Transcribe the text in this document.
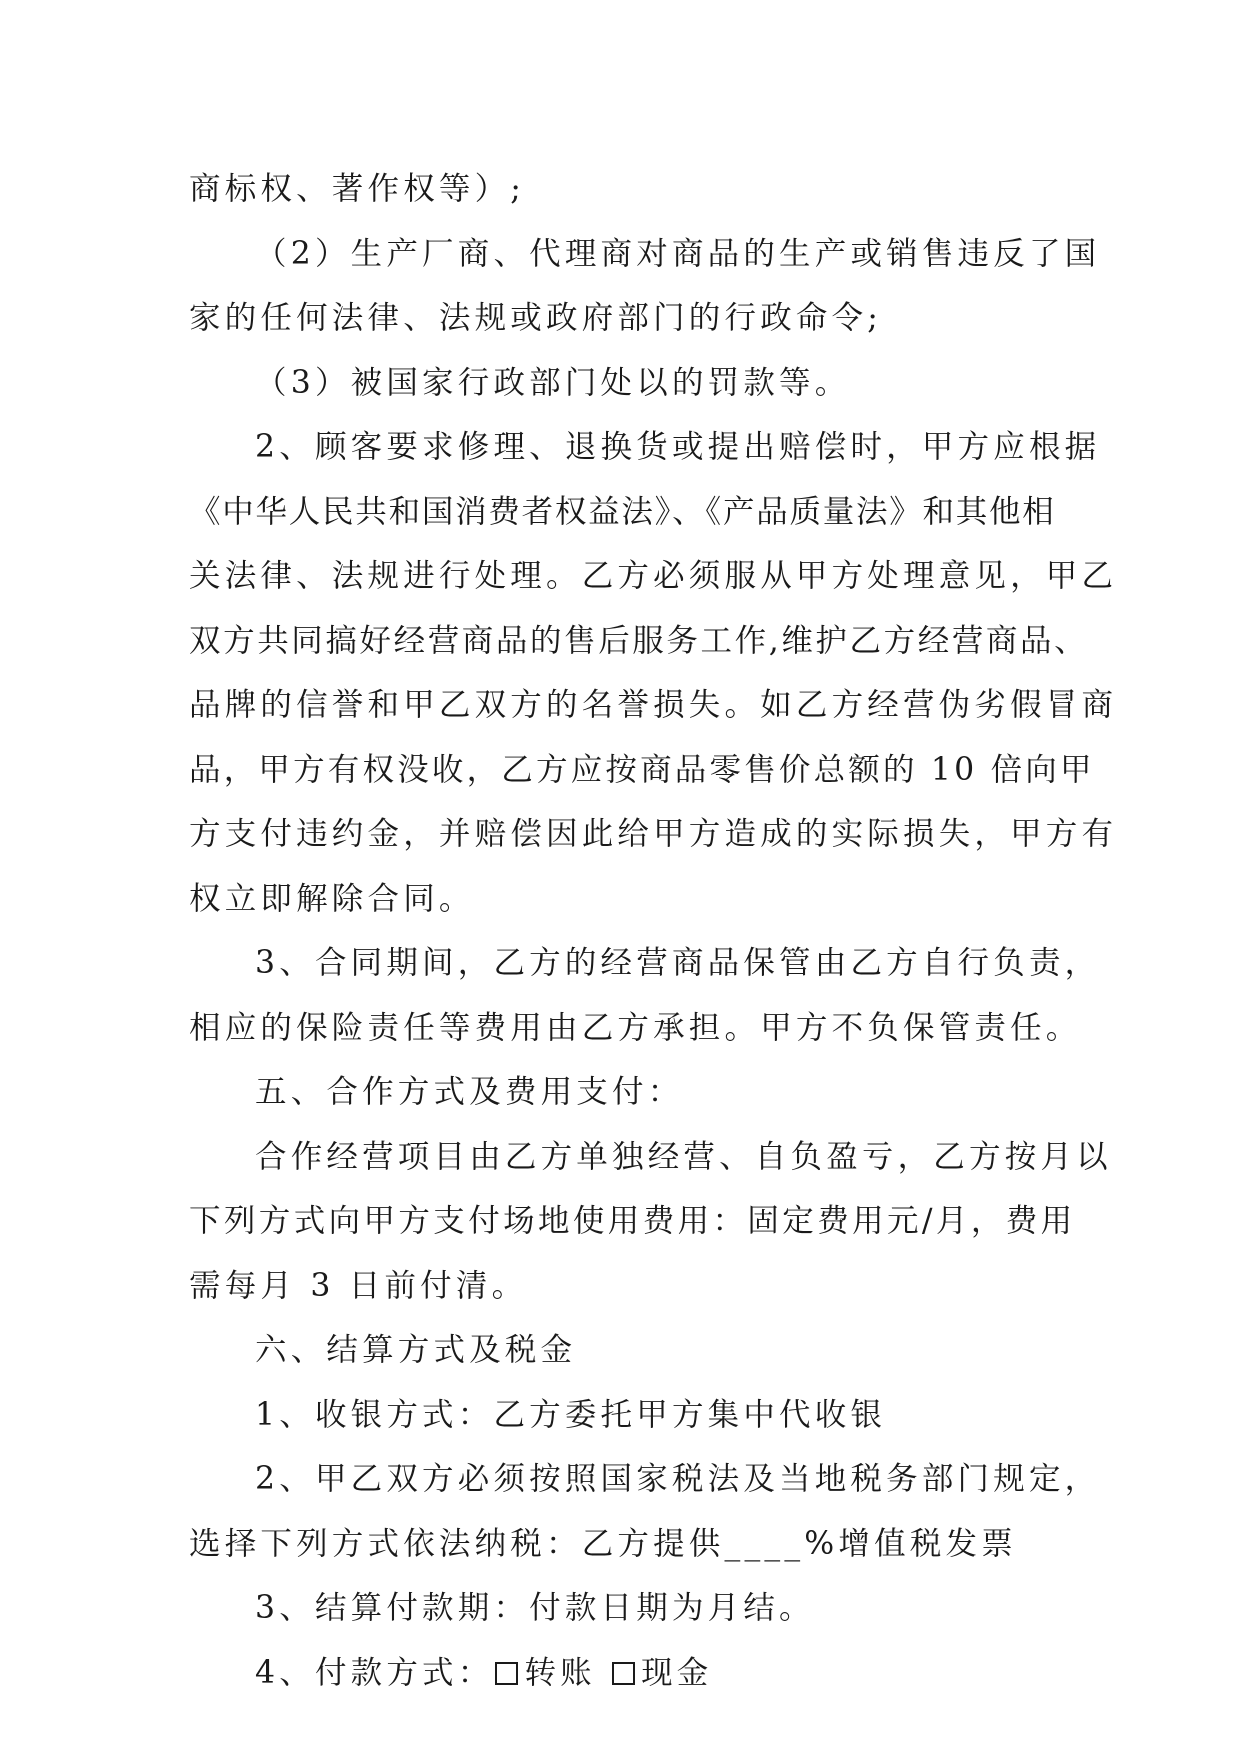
商标权、著作权等）;
（2）生产厂商、代理商对商品的生产或销售违反了国
家的任何法律、法规或政府部门的行政命令;
（3）被国家行政部门处以的罚款等。
2、顾客要求修理、退换货或提出赔偿时，甲方应根据
《中华人民共和国消费者权益法》、《产品质量法》和其他相
关法律、法规进行处理。乙方必须服从甲方处理意见，甲乙
双方共同搞好经营商品的售后服务工作,维护乙方经营商品、
品牌的信誉和甲乙双方的名誉损失。如乙方经营伪劣假冒商
品，甲方有权没收，乙方应按商品零售价总额的 10 倍向甲
方支付违约金，并赔偿因此给甲方造成的实际损失，甲方有
权立即解除合同。
3、合同期间，乙方的经营商品保管由乙方自行负责，
相应的保险责任等费用由乙方承担。甲方不负保管责任。
五、合作方式及费用支付：
合作经营项目由乙方单独经营、自负盈亏，乙方按月以
下列方式向甲方支付场地使用费用：固定费用元/月，费用
需每月 3 日前付清。
六、结算方式及税金
1、收银方式：乙方委托甲方集中代收银
2、甲乙双方必须按照国家税法及当地税务部门规定，
选择下列方式依法纳税：乙方提供____%增值税发票
3、结算付款期：付款日期为月结。
4、付款方式： 转账 现金
